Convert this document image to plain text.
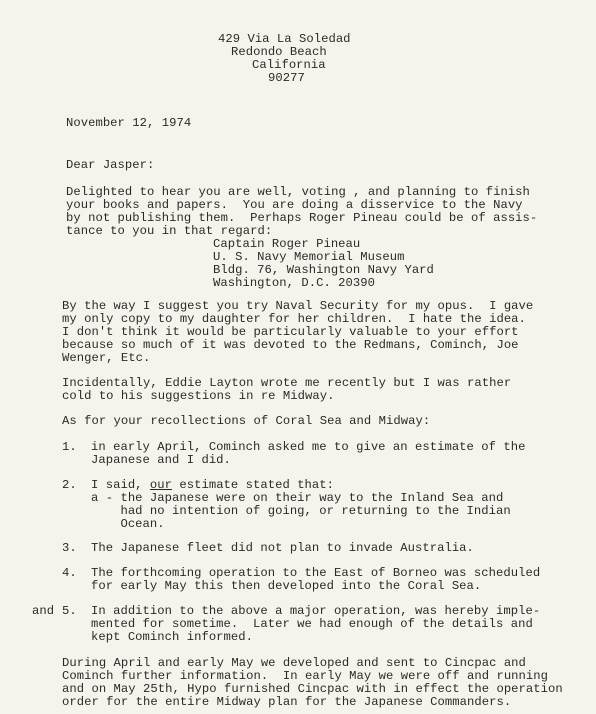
429 Via La Soledad
Redondo Beach
California
90277
November 12, 1974
Dear Jasper:
Delighted to hear you are well, voting , and planning to finish
your books and papers.  You are doing a disservice to the Navy
by not publishing them.  Perhaps Roger Pineau could be of assis-
tance to you in that regard:
Captain Roger Pineau
U. S. Navy Memorial Museum
Bldg. 76, Washington Navy Yard
Washington, D.C. 20390
By the way I suggest you try Naval Security for my opus.  I gave
my only copy to my daughter for her children.  I hate the idea.
I don't think it would be particularly valuable to your effort
because so much of it was devoted to the Redmans, Cominch, Joe
Wenger, Etc.
Incidentally, Eddie Layton wrote me recently but I was rather
cold to his suggestions in re Midway.
As for your recollections of Coral Sea and Midway:
1. in early April, Cominch asked me to give an estimate of the
Japanese and I did.
2. I said, our estimate stated that:
a - the Japanese were on their way to the Inland Sea and
had no intention of going, or returning to the Indian
Ocean.
3. The Japanese fleet did not plan to invade Australia.
4. The forthcoming operation to the East of Borneo was scheduled
for early May this then developed into the Coral Sea.
and 5. In addition to the above a major operation, was hereby imple-
mented for sometime.  Later we had enough of the details and
kept Cominch informed.
During April and early May we developed and sent to Cincpac and
Cominch further information.  In early May we were off and running
and on May 25th, Hypo furnished Cincpac with in effect the operation
order for the entire Midway plan for the Japanese Commanders.
